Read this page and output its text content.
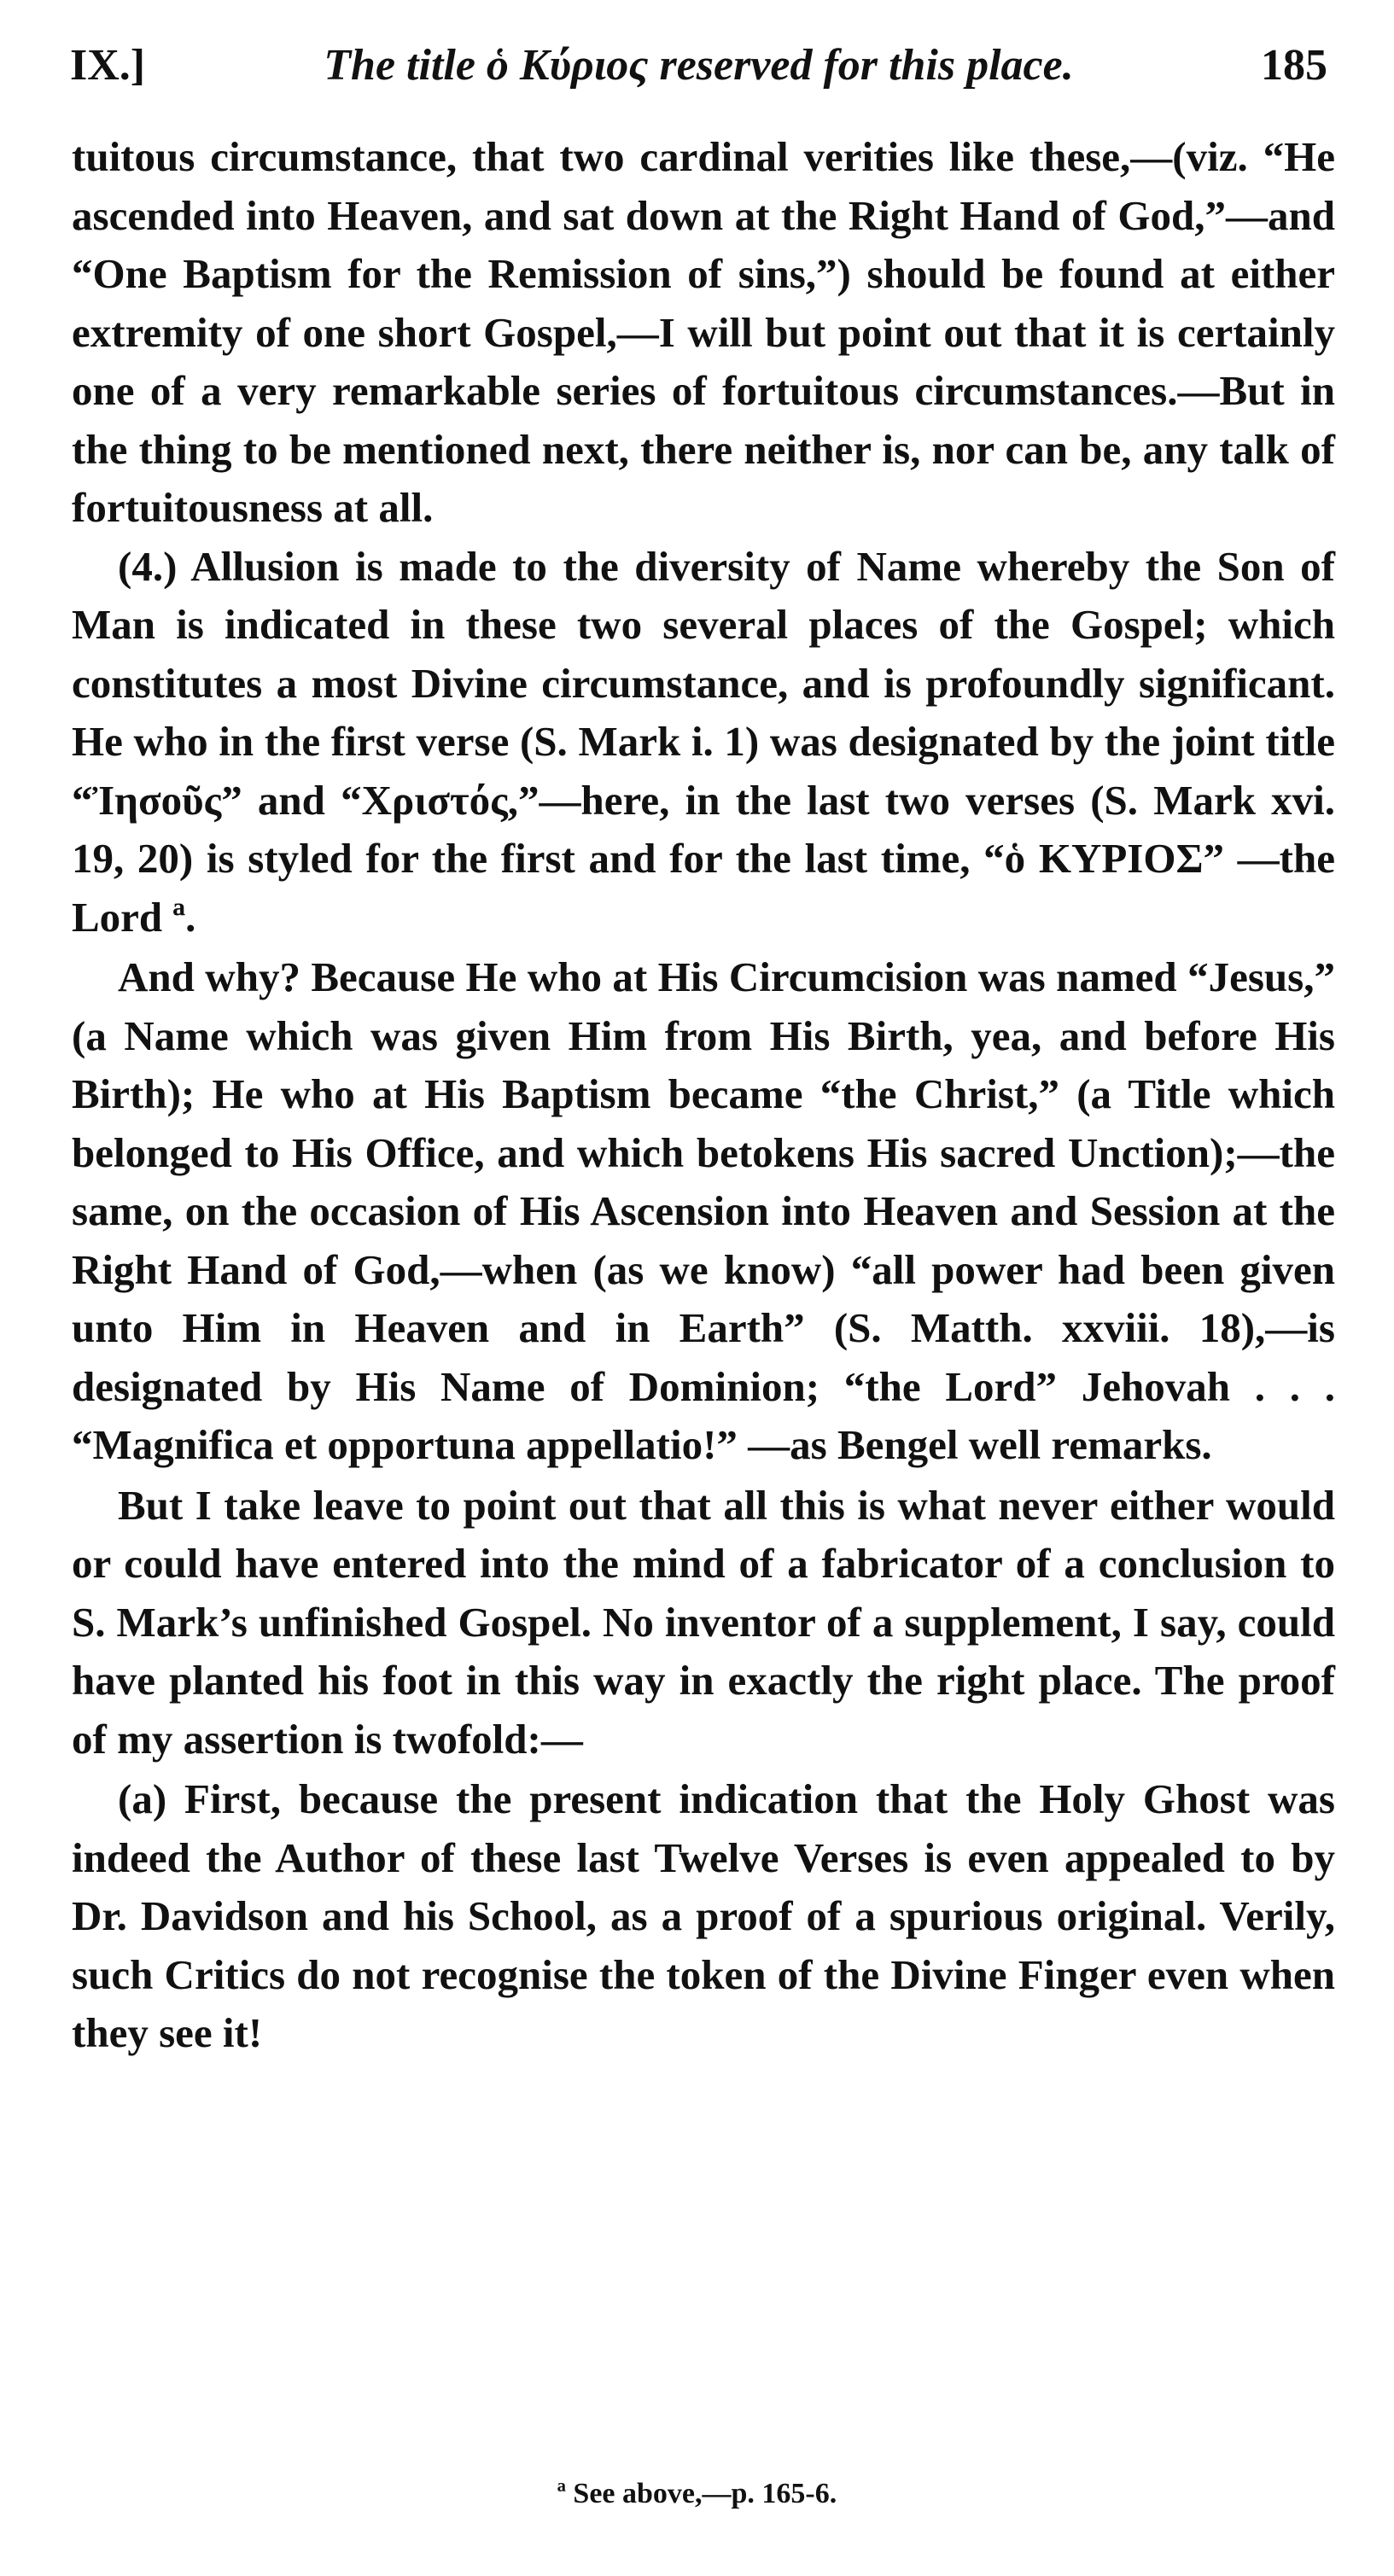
IX.]	The title ὁ Κύριος reserved for this place.	185

tuitous circumstance, that two cardinal verities like these,—(viz. “He ascended into Heaven, and sat down at the Right Hand of God,”—and “One Baptism for the Remission of sins,”) should be found at either extremity of one short Gospel,—I will but point out that it is certainly one of a very remarkable series of fortuitous circumstances.—But in the thing to be mentioned next, there neither is, nor can be, any talk of fortuitousness at all.

(4.) Allusion is made to the diversity of Name whereby the Son of Man is indicated in these two several places of the Gospel; which constitutes a most Divine circumstance, and is profoundly significant. He who in the first verse (S. Mark i. 1) was designated by the joint title “Ἰησοῦς” and “Χριστός,”—here, in the last two verses (S. Mark xvi. 19, 20) is styled for the first and for the last time, “ὁ ΚΥΡΙΟΣ” —the Lord ª.

And why? Because He who at His Circumcision was named “Jesus,” (a Name which was given Him from His Birth, yea, and before His Birth); He who at His Baptism became “the Christ,” (a Title which belonged to His Office, and which betokens His sacred Unction);—the same, on the occasion of His Ascension into Heaven and Session at the Right Hand of God,—when (as we know) “all power had been given unto Him in Heaven and in Earth” (S. Matth. xxviii. 18),—is designated by His Name of Dominion; “the Lord” Jehovah . . . “Magnifica et opportuna appellatio!” —as Bengel well remarks.

But I take leave to point out that all this is what never either would or could have entered into the mind of a fabricator of a conclusion to S. Mark’s unfinished Gospel. No inventor of a supplement, I say, could have planted his foot in this way in exactly the right place. The proof of my assertion is twofold:—

(a) First, because the present indication that the Holy Ghost was indeed the Author of these last Twelve Verses is even appealed to by Dr. Davidson and his School, as a proof of a spurious original. Verily, such Critics do not recognise the token of the Divine Finger even when they see it!

ª See above,—p. 165-6.
